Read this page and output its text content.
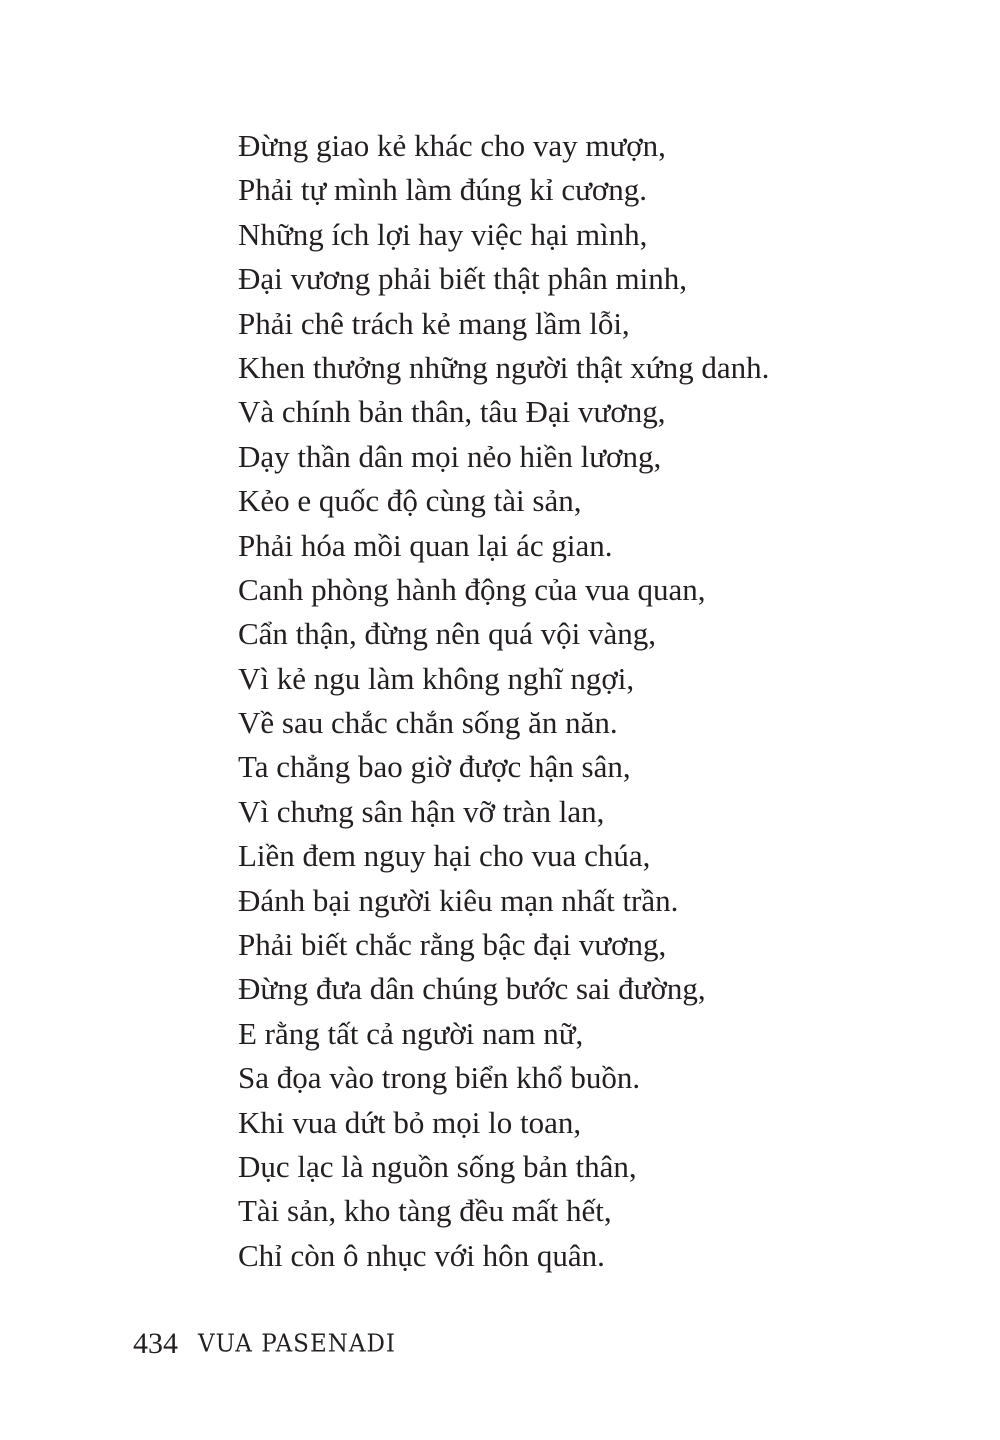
Đừng giao kẻ khác cho vay mượn,
Phải tự mình làm đúng kỉ cương.
Những ích lợi hay việc hại mình,
Đại vương phải biết thật phân minh,
Phải chê trách kẻ mang lầm lỗi,
Khen thưởng những người thật xứng danh.
Và chính bản thân, tâu Đại vương,
Dạy thần dân mọi nẻo hiền lương,
Kẻo e quốc độ cùng tài sản,
Phải hóa mồi quan lại ác gian.
Canh phòng hành động của vua quan,
Cẩn thận, đừng nên quá vội vàng,
Vì kẻ ngu làm không nghĩ ngợi,
Về sau chắc chắn sống ăn năn.
Ta chẳng bao giờ được hận sân,
Vì chưng sân hận vỡ tràn lan,
Liền đem nguy hại cho vua chúa,
Đánh bại người kiêu mạn nhất trần.
Phải biết chắc rằng bậc đại vương,
Đừng đưa dân chúng bước sai đường,
E rằng tất cả người nam nữ,
Sa đọa vào trong biển khổ buồn.
Khi vua dứt bỏ mọi lo toan,
Dục lạc là nguồn sống bản thân,
Tài sản, kho tàng đều mất hết,
Chỉ còn ô nhục với hôn quân.
434 VUA PASENADI
